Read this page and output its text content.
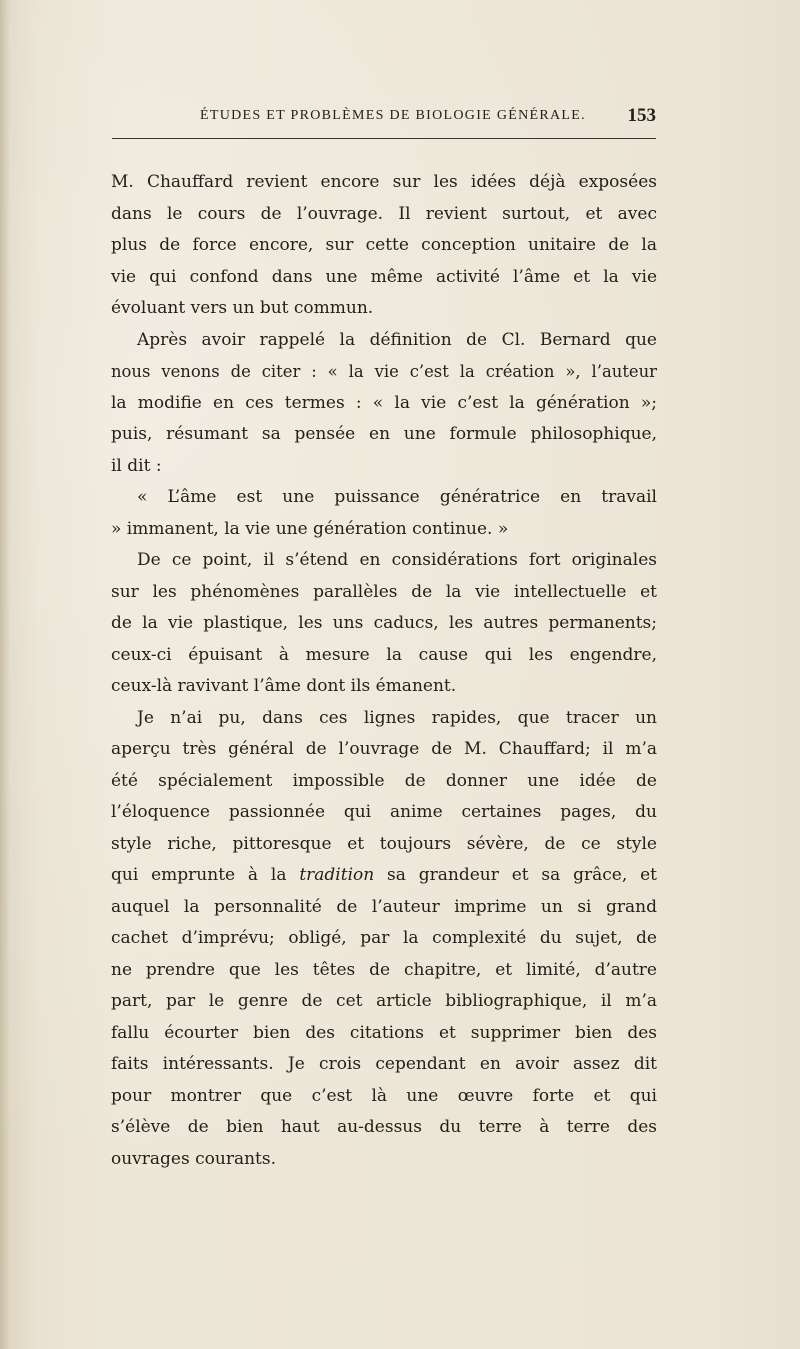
ÉTUDES ET PROBLÈMES DE BIOLOGIE GÉNÉRALE. 153
M. Chauffard revient encore sur les idées déjà exposées
dans le cours de l’ouvrage. Il revient surtout, et avec
plus de force encore, sur cette conception unitaire de la
vie qui confond dans une même activité l’âme et la vie
évoluant vers un but commun.
Après avoir rappelé la définition de Cl. Bernard que
nous venons de citer : « la vie c’est la création », l’auteur
la modifie en ces termes : « la vie c’est la génération »;
puis, résumant sa pensée en une formule philosophique,
il dit :
« L’âme est une puissance génératrice en travail
» immanent, la vie une génération continue. »
De ce point, il s’étend en considérations fort originales
sur les phénomènes parallèles de la vie intellectuelle et
de la vie plastique, les uns caducs, les autres permanents;
ceux-ci épuisant à mesure la cause qui les engendre,
ceux-là ravivant l’âme dont ils émanent.
Je n’ai pu, dans ces lignes rapides, que tracer un
aperçu très général de l’ouvrage de M. Chauffard; il m’a
été spécialement impossible de donner une idée de
l’éloquence passionnée qui anime certaines pages, du
style riche, pittoresque et toujours sévère, de ce style
qui emprunte à la tradition sa grandeur et sa grâce, et
auquel la personnalité de l’auteur imprime un si grand
cachet d’imprévu; obligé, par la complexité du sujet, de
ne prendre que les têtes de chapitre, et limité, d’autre
part, par le genre de cet article bibliographique, il m’a
fallu écourter bien des citations et supprimer bien des
faits intéressants. Je crois cependant en avoir assez dit
pour montrer que c’est là une œuvre forte et qui
s’élève de bien haut au-dessus du terre à terre des
ouvrages courants.
